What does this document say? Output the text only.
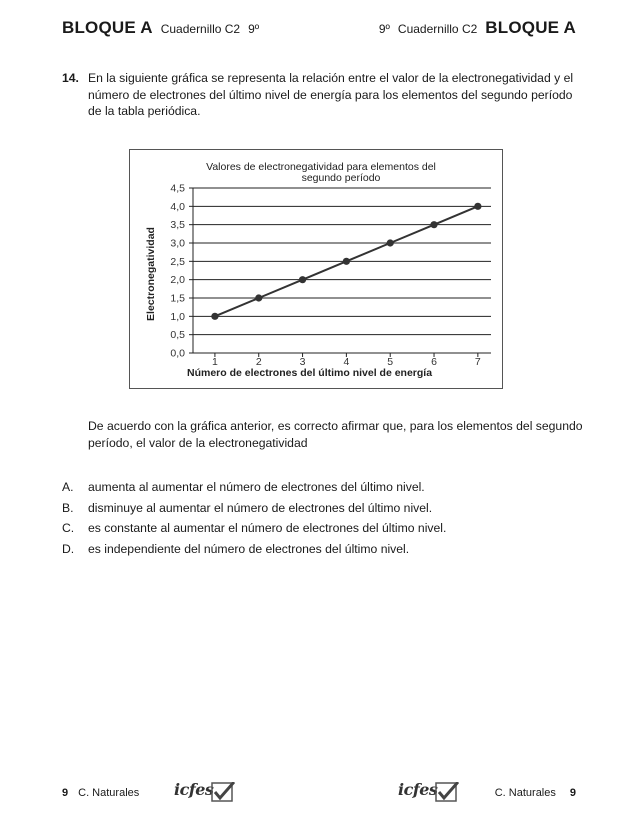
BLOQUE A Cuadernillo C2 9º	9º Cuadernillo C2 BLOQUE A
14. En la siguiente gráfica se representa la relación entre el valor de la electronegatividad y el número de electrones del último nivel de energía para los elementos del segundo período de la tabla periódica.
Valores de electronegatividad para elementos del
segundo período
Electronegatividad
Número de electrones del último nivel de energía
0,0
0,5
1,0
1,5
2,0
2,5
3,0
3,5
4,0
4,5
1	2	3	4	5	6	7
De acuerdo con la gráfica anterior, es correcto afirmar que, para los elementos del segundo período, el valor de la electronegatividad
A. aumenta al aumentar el número de electrones del último nivel.
B. disminuye al aumentar el número de electrones del último nivel.
C. es constante al aumentar el número de electrones del último nivel.
D. es independiente del número de electrones del último nivel.
9 C. Naturales icfes	icfes	C. Naturales 9
